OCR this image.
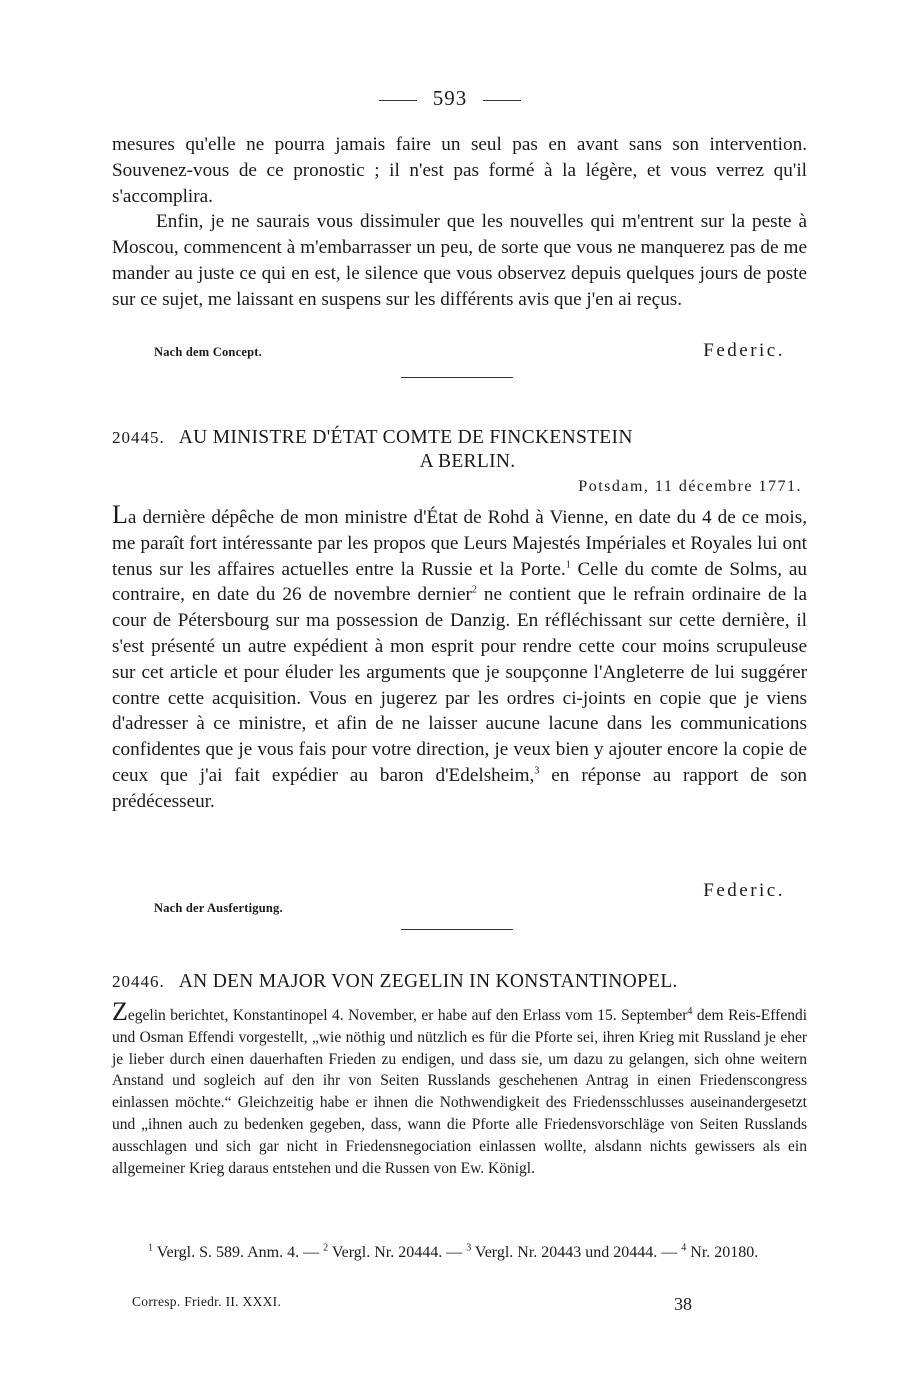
593

mesures qu'elle ne pourra jamais faire un seul pas en avant sans son intervention. Souvenez-vous de ce pronostic ; il n'est pas formé à la légère, et vous verrez qu'il s'accomplira.

Enfin, je ne saurais vous dissimuler que les nouvelles qui m'entrent sur la peste à Moscou, commencent à m'embarrasser un peu, de sorte que vous ne manquerez pas de me mander au juste ce qui en est, le silence que vous observez depuis quelques jours de poste sur ce sujet, me laissant en suspens sur les différents avis que j'en ai reçus.

Nach dem Concept.	Federic.
20445. AU MINISTRE D'ÉTAT COMTE DE FINCKENSTEIN
A BERLIN.
Potsdam, 11 décembre 1771.

La dernière dépêche de mon ministre d'État de Rohd à Vienne, en date du 4 de ce mois, me paraît fort intéressante par les propos que Leurs Majestés Impériales et Royales lui ont tenus sur les affaires actuelles entre la Russie et la Porte.$^1$ Celle du comte de Solms, au contraire, en date du 26 de novembre dernier$^2$ ne contient que le refrain ordinaire de la cour de Pétersbourg sur ma possession de Danzig. En réfléchissant sur cette dernière, il s'est présenté un autre expédient à mon esprit pour rendre cette cour moins scrupuleuse sur cet article et pour éluder les arguments que je soupçonne l'Angleterre de lui suggérer contre cette acquisition. Vous en jugerez par les ordres ci-joints en copie que je viens d'adresser à ce ministre, et afin de ne laisser aucune lacune dans les communications confidentes que je vous fais pour votre direction, je veux bien y ajouter encore la copie de ceux que j'ai fait expédier au baron d'Edelsheim,$^3$ en réponse au rapport de son prédécesseur.

Federic.
Nach der Ausfertigung.
20446. AN DEN MAJOR VON ZEGELIN IN KONSTANTINOPEL.

Zegelin berichtet, Konstantinopel 4. November, er habe auf den Erlass vom 15. September$^4$ dem Reis-Effendi und Osman Effendi vorgestellt, „wie nöthig und nützlich es für die Pforte sei, ihren Krieg mit Russland je eher je lieber durch einen dauerhaften Frieden zu endigen, und dass sie, um dazu zu gelangen, sich ohne weitern Anstand und sogleich auf den ihr von Seiten Russlands geschehenen Antrag in einen Friedenscongress einlassen möchte.“ Gleichzeitig habe er ihnen die Nothwendigkeit des Friedensschlusses auseinandergesetzt und „ihnen auch zu bedenken gegeben, dass, wann die Pforte alle Friedensvorschläge von Seiten Russlands ausschlagen und sich gar nicht in Friedensnegociation einlassen wollte, alsdann nichts gewissers als ein allgemeiner Krieg daraus entstehen und die Russen von Ew. Königl.

$^1$ Vergl. S. 589. Anm. 4. — $^2$ Vergl. Nr. 20444. — $^3$ Vergl. Nr. 20443 und 20444. — $^4$ Nr. 20180.
Corresp. Friedr. II. XXXI.	38
